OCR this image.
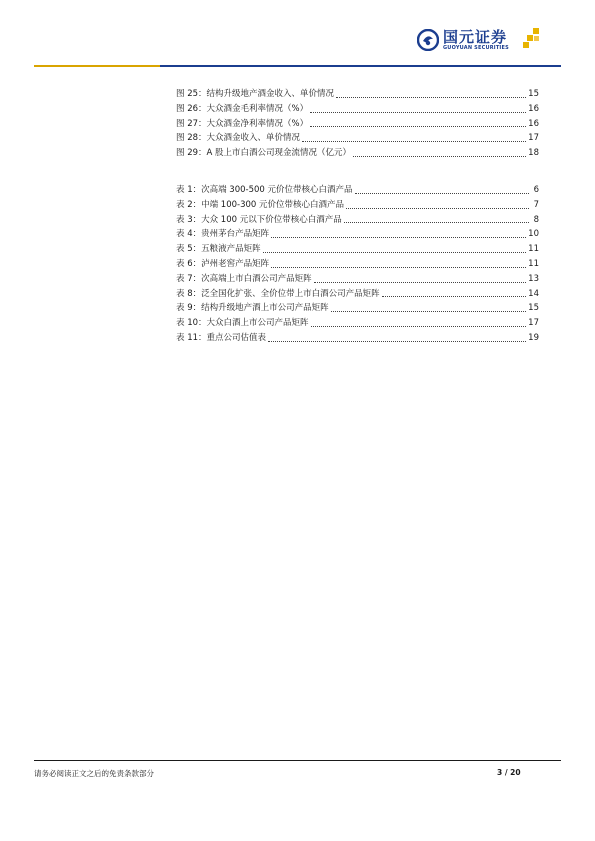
国元证券
GUOYUAN SECURITIES
图 25：结构升级地产酒金收入、单价情况	15
图 26：大众酒金毛利率情况（%）	16
图 27：大众酒金净利率情况（%）	16
图 28：大众酒金收入、单价情况	17
图 29：A 股上市白酒公司现金流情况（亿元）	18
表 1：次高端 300-500 元价位带核心白酒产品	6
表 2：中端 100-300 元价位带核心白酒产品	7
表 3：大众 100 元以下价位带核心白酒产品	8
表 4：贵州茅台产品矩阵	10
表 5：五粮液产品矩阵	11
表 6：泸州老窖产品矩阵	11
表 7：次高端上市白酒公司产品矩阵	13
表 8：泛全国化扩张、全价位带上市白酒公司产品矩阵	14
表 9：结构升级地产酒上市公司产品矩阵	15
表 10：大众白酒上市公司产品矩阵	17
表 11：重点公司估值表	19
请务必阅读正文之后的免责条款部分	3 / 20
